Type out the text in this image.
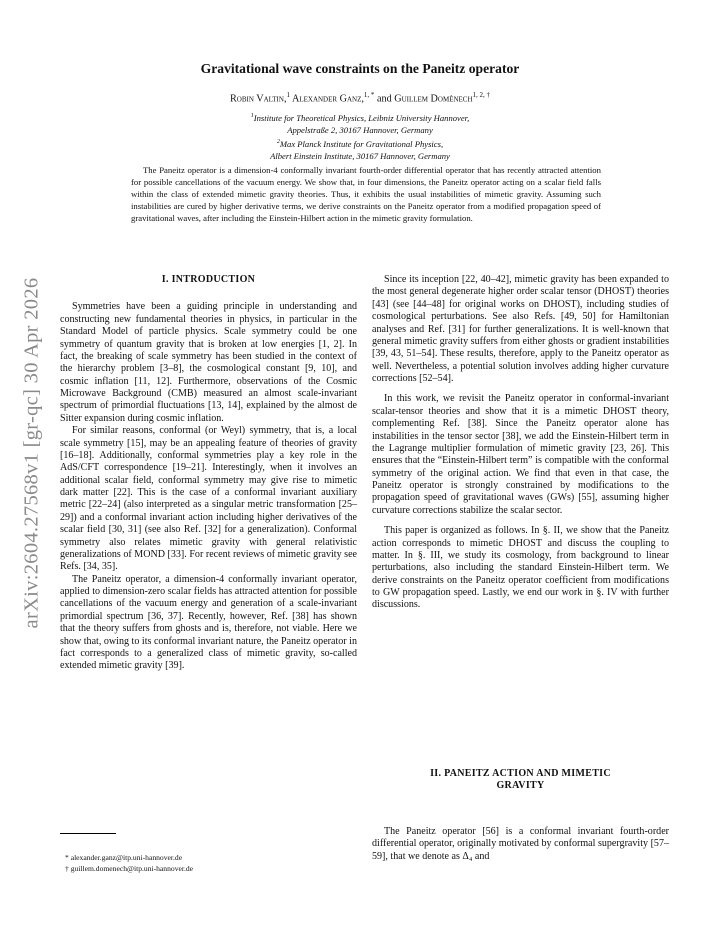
arXiv:2604.27568v1 [gr-qc] 30 Apr 2026
Gravitational wave constraints on the Paneitz operator
Robin Valtin,$^1$ Alexander Ganz,$^{1, *}$ and Guillem Domènech$^{1, 2, \dagger}$
$^1$Institute for Theoretical Physics, Leibniz University Hannover,
Appelstraße 2, 30167 Hannover, Germany
$^2$Max Planck Institute for Gravitational Physics,
Albert Einstein Institute, 30167 Hannover, Germany
The Paneitz operator is a dimension-4 conformally invariant fourth-order differential operator that has recently attracted attention for possible cancellations of the vacuum energy. We show that, in four dimensions, the Paneitz operator acting on a scalar field falls within the class of extended mimetic gravity theories. Thus, it exhibits the usual instabilities of mimetic gravity. Assuming such instabilities are cured by higher derivative terms, we derive constraints on the Paneitz operator from a modified propagation speed of gravitational waves, after including the Einstein-Hilbert action in the mimetic gravity formulation.
I. INTRODUCTION

Symmetries have been a guiding principle in understanding and constructing new fundamental theories in physics, in particular in the Standard Model of particle physics. Scale symmetry could be one symmetry of quantum gravity that is broken at low energies [1, 2]. In fact, the breaking of scale symmetry has been studied in the context of the hierarchy problem [3–8], the cosmological constant [9, 10], and cosmic inflation [11, 12]. Furthermore, observations of the Cosmic Microwave Background (CMB) measured an almost scale-invariant spectrum of primordial fluctuations [13, 14], explained by the almost de Sitter expansion during cosmic inflation.

For similar reasons, conformal (or Weyl) symmetry, that is, a local scale symmetry [15], may be an appealing feature of theories of gravity [16–18]. Additionally, conformal symmetries play a key role in the AdS/CFT correspondence [19–21]. Interestingly, when it involves an additional scalar field, conformal symmetry may give rise to mimetic dark matter [22]. This is the case of a conformal invariant auxiliary metric [22–24] (also interpreted as a singular metric transformation [25–29]) and a conformal invariant action including higher derivatives of the scalar field [30, 31] (see also Ref. [32] for a generalization). Conformal symmetry also relates mimetic gravity with general relativistic generalizations of MOND [33]. For recent reviews of mimetic gravity see Refs. [34, 35].

The Paneitz operator, a dimension-4 conformally invariant operator, applied to dimension-zero scalar fields has attracted attention for possible cancellations of the vacuum energy and generation of a scale-invariant primordial spectrum [36, 37]. Recently, however, Ref. [38] has shown that the theory suffers from ghosts and is, therefore, not viable. Here we show that, owing to its conformal invariant nature, the Paneitz operator in fact corresponds to a generalized class of mimetic gravity, so-called extended mimetic gravity [39].

Since its inception [22, 40–42], mimetic gravity has been expanded to the most general degenerate higher order scalar tensor (DHOST) theories [43] (see [44–48] for original works on DHOST), including studies of cosmological perturbations. See also Refs. [49, 50] for Hamiltonian analyses and Ref. [31] for further generalizations. It is well-known that general mimetic gravity suffers from either ghosts or gradient instabilities [39, 43, 51–54]. These results, therefore, apply to the Paneitz operator as well. Nevertheless, a potential solution involves adding higher curvature corrections [52–54].

In this work, we revisit the Paneitz operator in conformal-invariant scalar-tensor theories and show that it is a mimetic DHOST theory, complementing Ref. [38]. Since the Paneitz operator alone has instabilities in the tensor sector [38], we add the Einstein-Hilbert term in the Lagrange multiplier formulation of mimetic gravity [23, 26]. This ensures that the “Einstein-Hilbert term” is compatible with the conformal symmetry of the original action. We find that even in that case, the Paneitz operator is strongly constrained by modifications to the propagation speed of gravitational waves (GWs) [55], assuming higher curvature corrections stabilize the scalar sector.

This paper is organized as follows. In §. II, we show that the Paneitz action corresponds to mimetic DHOST and discuss the coupling to matter. In §. III, we study its cosmology, from background to linear perturbations, also including the standard Einstein-Hilbert term. We derive constraints on the Paneitz operator coefficient from modifications to GW propagation speed. Lastly, we end our work in §. IV with further discussions.

II. PANEITZ ACTION AND MIMETIC
GRAVITY

The Paneitz operator [56] is a conformal invariant fourth-order differential operator, originally motivated by conformal supergravity [57–59], that we denote as Δ₄ and

* alexander.ganz@itp.uni-hannover.de
† guillem.domenech@itp.uni-hannover.de
